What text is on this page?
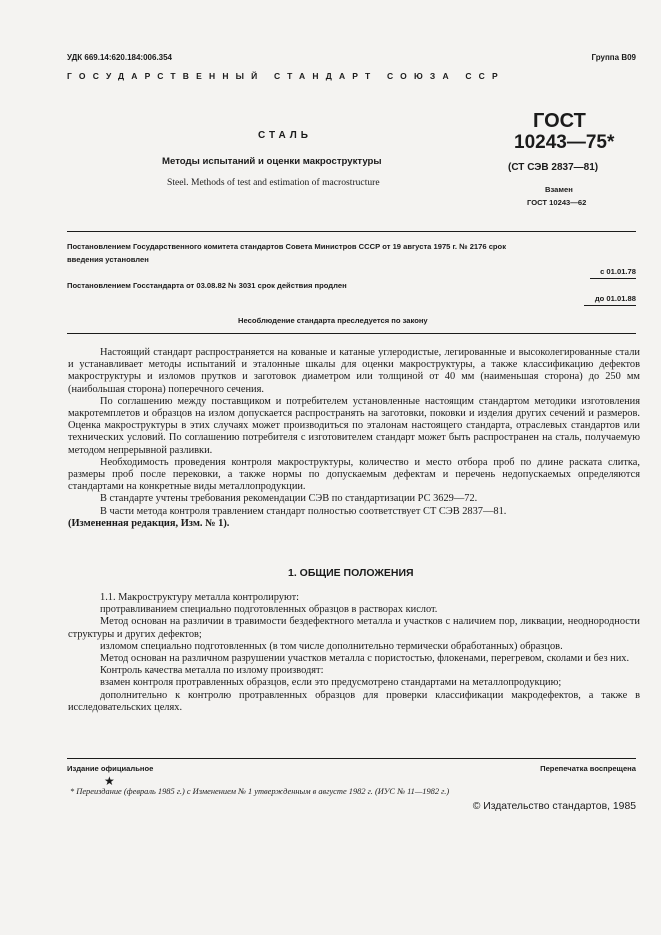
УДК 669.14:620.184:006.354	Группа В09
ГОСУДАРСТВЕННЫЙ СТАНДАРТ СОЮЗА ССР
СТАЛЬ
Методы испытаний и оценки макроструктуры
Steel. Methods of test and estimation of macrostructure
ГОСТ
10243—75*
(СТ СЭВ 2837—81)
Взамен
ГОСТ 10243—62
Постановлением Государственного комитета стандартов Совета Министров СССР от 19 августа 1975 г. № 2176 срок
введения установлен
с 01.01.78
Постановлением Госстандарта от 03.08.82 № 3031 срок действия продлен
до 01.01.88
Несоблюдение стандарта преследуется по закону

Настоящий стандарт распространяется на кованые и катаные углеродистые, легированные и высоколегированные стали и устанавливает методы испытаний и эталонные шкалы для оценки макроструктуры, а также классификацию дефектов макроструктуры и изломов прутков и заготовок диаметром или толщиной от 40 мм (наименьшая сторона) до 250 мм (наибольшая сторона) поперечного сечения.

По соглашению между поставщиком и потребителем установленные настоящим стандартом методики изготовления макротемплетов и образцов на излом допускается распространять на заготовки, поковки и изделия других сечений и размеров. Оценка макроструктуры в этих случаях может производиться по эталонам настоящего стандарта, отраслевых стандартов или технических условий. По соглашению потребителя с изготовителем стандарт может быть распространен на сталь, получаемую методом непрерывной разливки.

Необходимость проведения контроля макроструктуры, количество и место отбора проб по длине раската слитка, размеры проб после перековки, а также нормы по допускаемым дефектам и перечень недопускаемых определяются стандартами на конкретные виды металлопродукции.

В стандарте учтены требования рекомендации СЭВ по стандартизации РС 3629—72.

В части метода контроля травлением стандарт полностью соответствует СТ СЭВ 2837—81.

(Измененная редакция, Изм. № 1).

1. ОБЩИЕ ПОЛОЖЕНИЯ

1.1. Макроструктуру металла контролируют:

протравливанием специально подготовленных образцов в растворах кислот.

Метод основан на различии в травимости бездефектного металла и участков с наличием пор, ликвации, неоднородности структуры и других дефектов;

изломом специально подготовленных (в том числе дополнительно термически обработанных) образцов.

Метод основан на различном разрушении участков металла с пористостью, флокенами, перегревом, сколами и без них.

Контроль качества металла по излому производят:

взамен контроля протравленных образцов, если это предусмотрено стандартами на металлопродукцию;

дополнительно к контролю протравленных образцов для проверки классификации макродефектов, а также в исследовательских целях.

Издание официальное	Перепечатка воспрещена
★
* Переиздание (февраль 1985 г.) с Изменением № 1 утвержденным в августе 1982 г. (ИУС № 11—1982 г.)
© Издательство стандартов, 1985
